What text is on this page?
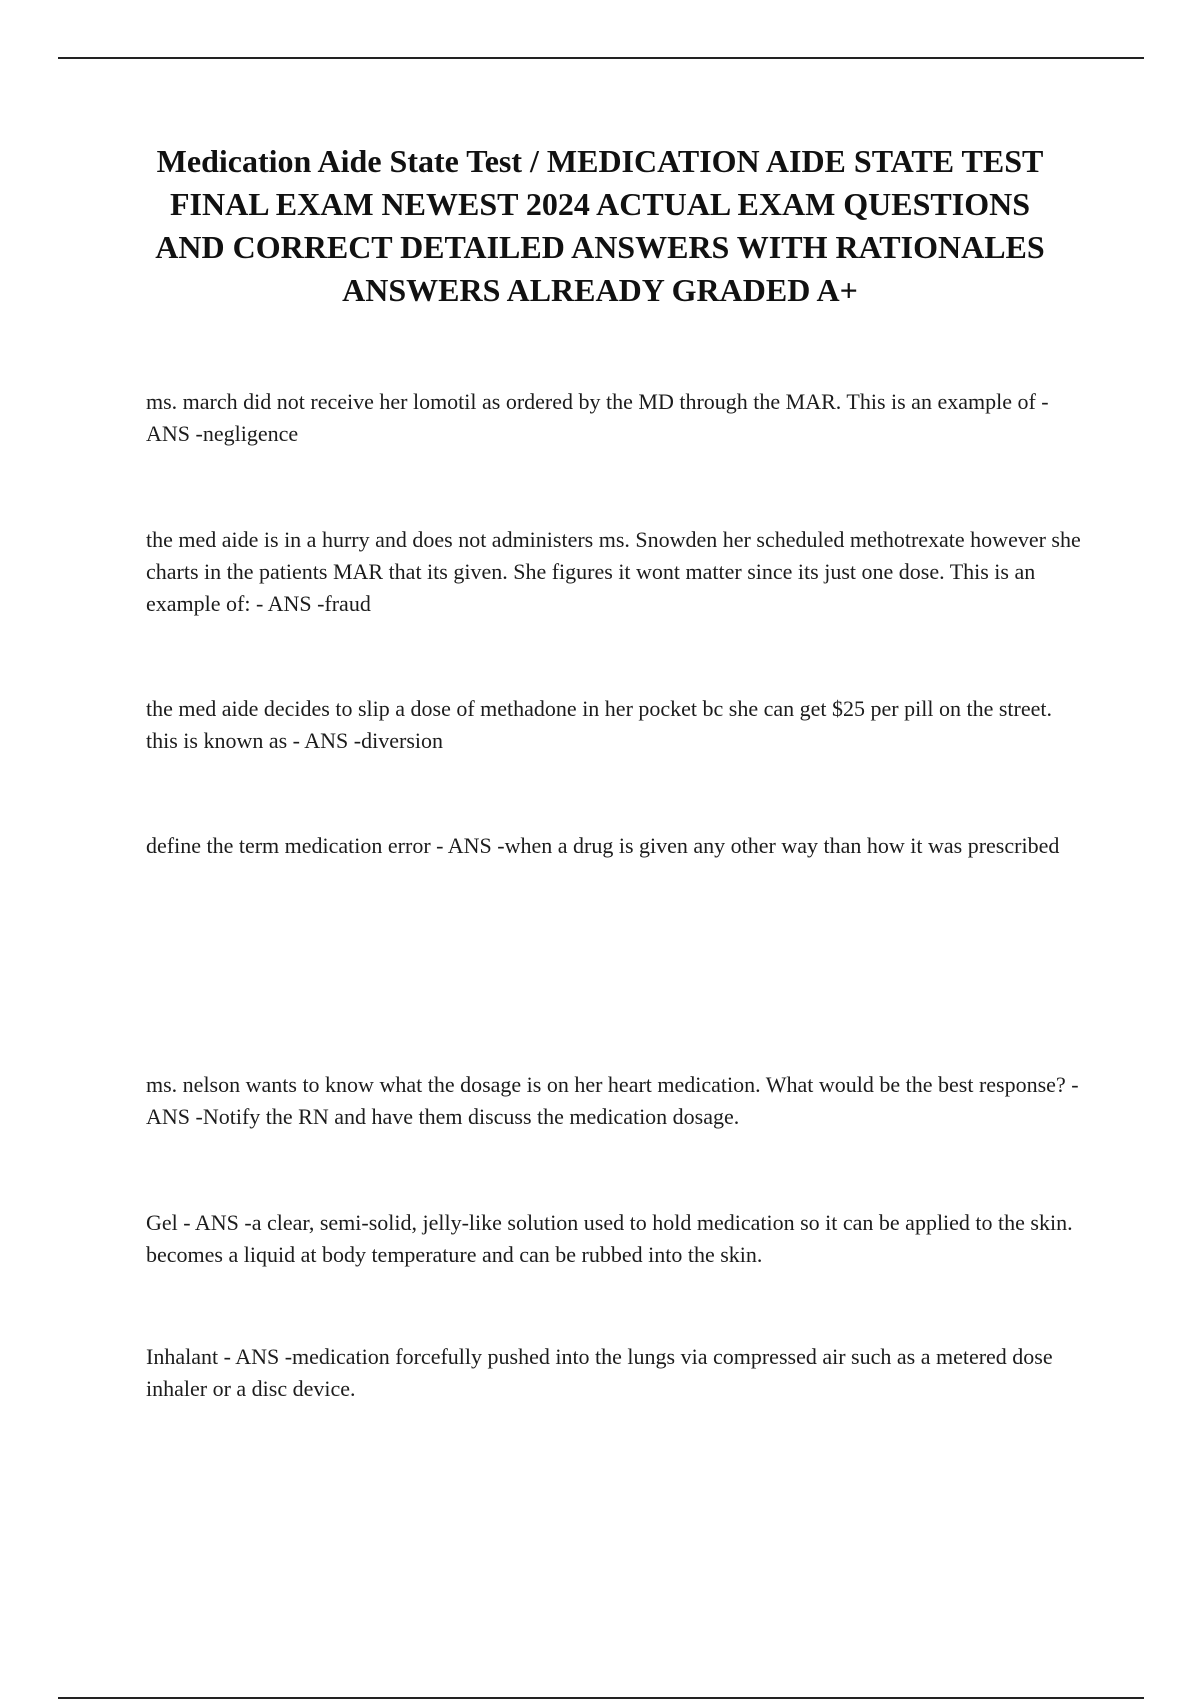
Medication Aide State Test / MEDICATION AIDE STATE TEST FINAL EXAM NEWEST 2024 ACTUAL EXAM QUESTIONS AND CORRECT DETAILED ANSWERS WITH RATIONALES ANSWERS ALREADY GRADED A+

ms. march did not receive her lomotil as ordered by the MD through the MAR. This is an example of - ANS -negligence

the med aide is in a hurry and does not administers ms. Snowden her scheduled methotrexate however she charts in the patients MAR that its given. She figures it wont matter since its just one dose. This is an example of: - ANS -fraud

the med aide decides to slip a dose of methadone in her pocket bc she can get $25 per pill on the street. this is known as - ANS -diversion

define the term medication error - ANS -when a drug is given any other way than how it was prescribed

ms. nelson wants to know what the dosage is on her heart medication. What would be the best response? - ANS -Notify the RN and have them discuss the medication dosage.

Gel - ANS -a clear, semi-solid, jelly-like solution used to hold medication so it can be applied to the skin. becomes a liquid at body temperature and can be rubbed into the skin.

Inhalant - ANS -medication forcefully pushed into the lungs via compressed air such as a metered dose inhaler or a disc device.
